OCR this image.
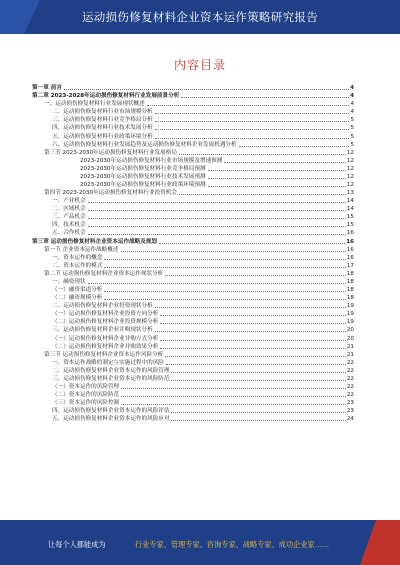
运动损伤修复材料企业资本运作策略研究报告
内容目录
第一章 前言	4
第二章 2023-2028年运动损伤修复材料行业发展前景分析	4
一、运动损伤修复材料行业发展现状概述	4
二、运动损伤修复材料行业市场规模分析	4
三、运动损伤修复材料行业竞争格局分析	5
四、运动损伤修复材料行业技术发展分析	5
五、运动损伤修复材料行业政策环境分析	5
六、运动损伤修复材料行业发展趋势及运动损伤修复材料企业发展机遇分析	5
第三节 2023-2030年运动损伤修复材料行业发展格局	12
2023-2030年运动损伤修复材料行业市场规模及增速预测	12
2023-2030年运动损伤修复材料行业竞争格局预测	12
2023-2030年运动损伤修复材料行业技术发展预测	12
2023-2030年运动损伤修复材料行业政策环境预测	12
第四节 2023-2030年运动损伤修复材料行业投资机会	13
一、产业机会	14
二、区域机会	14
三、产品机会	15
四、技术机会	15
五、合作机会	16
第三章 运动损伤修复材料企业资本运作战略及规划	16
第一节 企业资本运作战略概述	16
一、资本运作的概念	16
二、资本运作的模式	17
第二节 运动损伤修复材料企业资本运作现状分析	18
一、融资现状	18
（一）融资渠道分析	18
（二）融资规模分析	18
二、运动损伤修复材料企业投资现状分析	19
（一）运动损伤修复材料企业投资方向分析	19
（二）运动损伤修复材料企业投资规模分析	19
三、运动损伤修复材料企业并购现状分析	20
（一）运动损伤修复材料企业并购方式分析	20
（二）运动损伤修复材料企业并购效果分析	21
第三节 运动损伤修复材料企业资本运作风险分析	21
一、资本运作战略的制定与实施过程中的风险	22
二、运动损伤修复材料企业资本运作的风险管理	22
三、运动损伤修复材料企业资本运作的风险防范	22
（一）资本运作的风险管理	22
（二）资本运作的风险防范	22
（三）资本运作的风险控制	23
四、运动损伤修复材料企业资本运作的风险评估	23
五、运动损伤修复材料企业资本运作的风险应对	24
让每个人都能成为	行业专家、管理专家、咨询专家、战略专家、成功企业家……
